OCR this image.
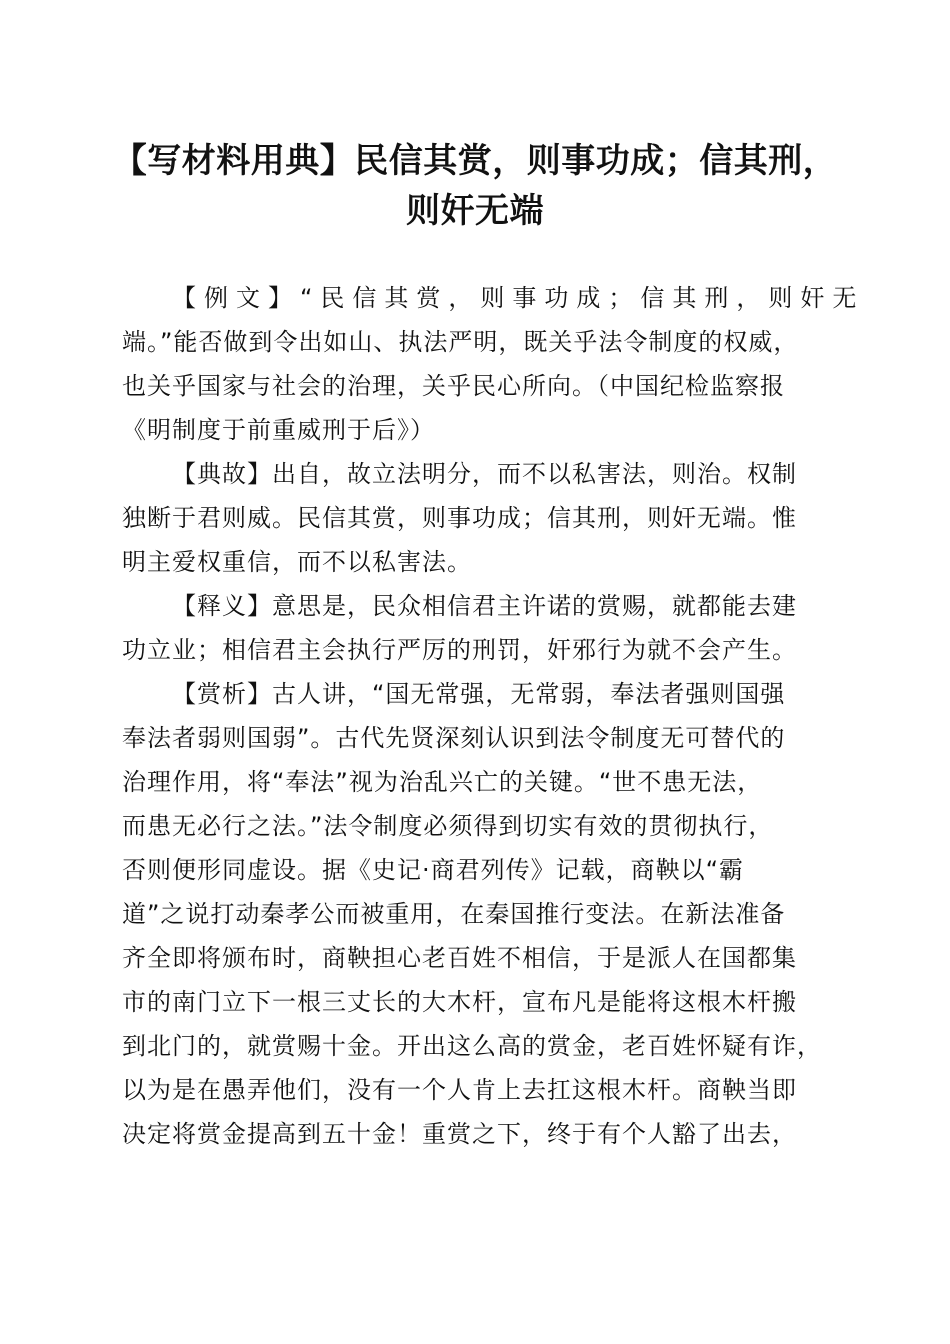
【写材料用典】民信其赏，则事功成；信其刑，
则奸无端
【例文】“民信其赏，则事功成；信其刑，则奸无
端。”能否做到令出如山、执法严明，既关乎法令制度的权威，
也关乎国家与社会的治理，关乎民心所向。（中国纪检监察报
《明制度于前重威刑于后》）
【典故】出自，故立法明分，而不以私害法，则治。权制
独断于君则威。民信其赏，则事功成；信其刑，则奸无端。惟
明主爱权重信，而不以私害法。
【释义】意思是，民众相信君主许诺的赏赐，就都能去建
功立业；相信君主会执行严厉的刑罚，奸邪行为就不会产生。
【赏析】古人讲，“国无常强，无常弱，奉法者强则国强
奉法者弱则国弱”。古代先贤深刻认识到法令制度无可替代的
治理作用，将“奉法”视为治乱兴亡的关键。“世不患无法，
而患无必行之法。”法令制度必须得到切实有效的贯彻执行，
否则便形同虚设。据《史记·商君列传》记载，商鞅以“霸
道”之说打动秦孝公而被重用，在秦国推行变法。在新法准备
齐全即将颁布时，商鞅担心老百姓不相信，于是派人在国都集
市的南门立下一根三丈长的大木杆，宣布凡是能将这根木杆搬
到北门的，就赏赐十金。开出这么高的赏金，老百姓怀疑有诈，
以为是在愚弄他们，没有一个人肯上去扛这根木杆。商鞅当即
决定将赏金提高到五十金！重赏之下，终于有个人豁了出去，
